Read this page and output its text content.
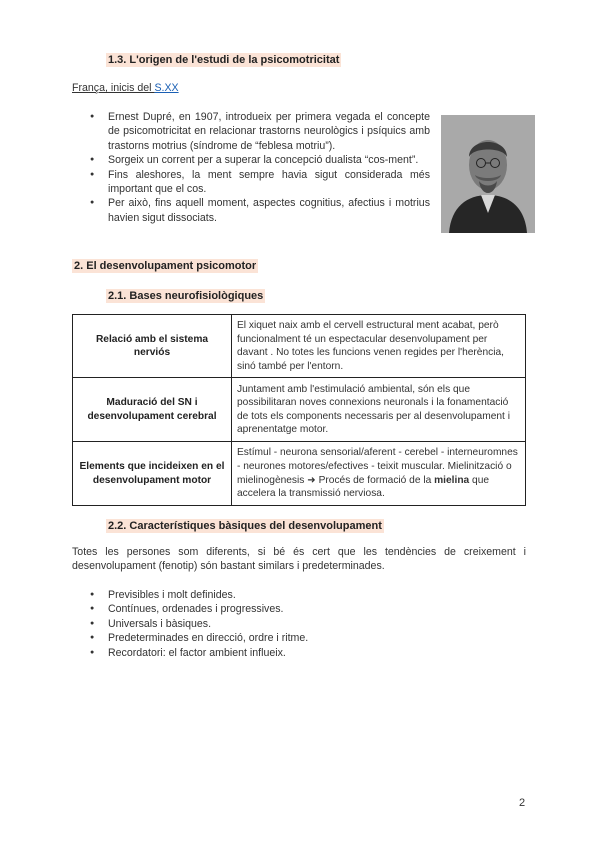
1.3. L'origen de l'estudi de la psicomotricitat
França, inicis del S.XX
● Ernest Dupré, en 1907, introdueix per primera vegada el concepte de psicomotricitat en relacionar trastorns neurològics i psíquics amb trastorns motrius (síndrome de “feblesa motriu”).
● Sorgeix un corrent per a superar la concepció dualista “cos-ment”.
● Fins aleshores, la ment sempre havia sigut considerada més important que el cos.
● Per això, fins aquell moment, aspectes cognitius, afectius i motrius havien sigut dissociats.
2. El desenvolupament psicomotor
2.1. Bases neurofisiològiques
Relació amb el sistema nerviós	El xiquet naix amb el cervell estructural ment acabat, però funcionalment té un espectacular desenvolupament per davant . No totes les funcions venen regides per l'herència, sinó també per l'entorn.
Maduració del SN i desenvolupament cerebral	Juntament amb l'estimulació ambiental, són els que possibilitaran noves connexions neuronals i la fonamentació de tots els components necessaris per al desenvolupament i aprenentatge motor.
Elements que incideixen en el desenvolupament motor	Estímul - neurona sensorial/aferent - cerebel - interneuromnes - neurones motores/efectives - teixit muscular. Mielinització o mielinogènesis ➜ Procés de formació de la mielina que accelera la transmissió nerviosa.
2.2. Característiques bàsiques del desenvolupament
Totes les persones som diferents, si bé és cert que les tendències de creixement i desenvolupament (fenotip) són bastant similars i predeterminades.
● Previsibles i molt definides.
● Contínues, ordenades i progressives.
● Universals i bàsiques.
● Predeterminades en direcció, ordre i ritme.
● Recordatori: el factor ambient influeix.
2
